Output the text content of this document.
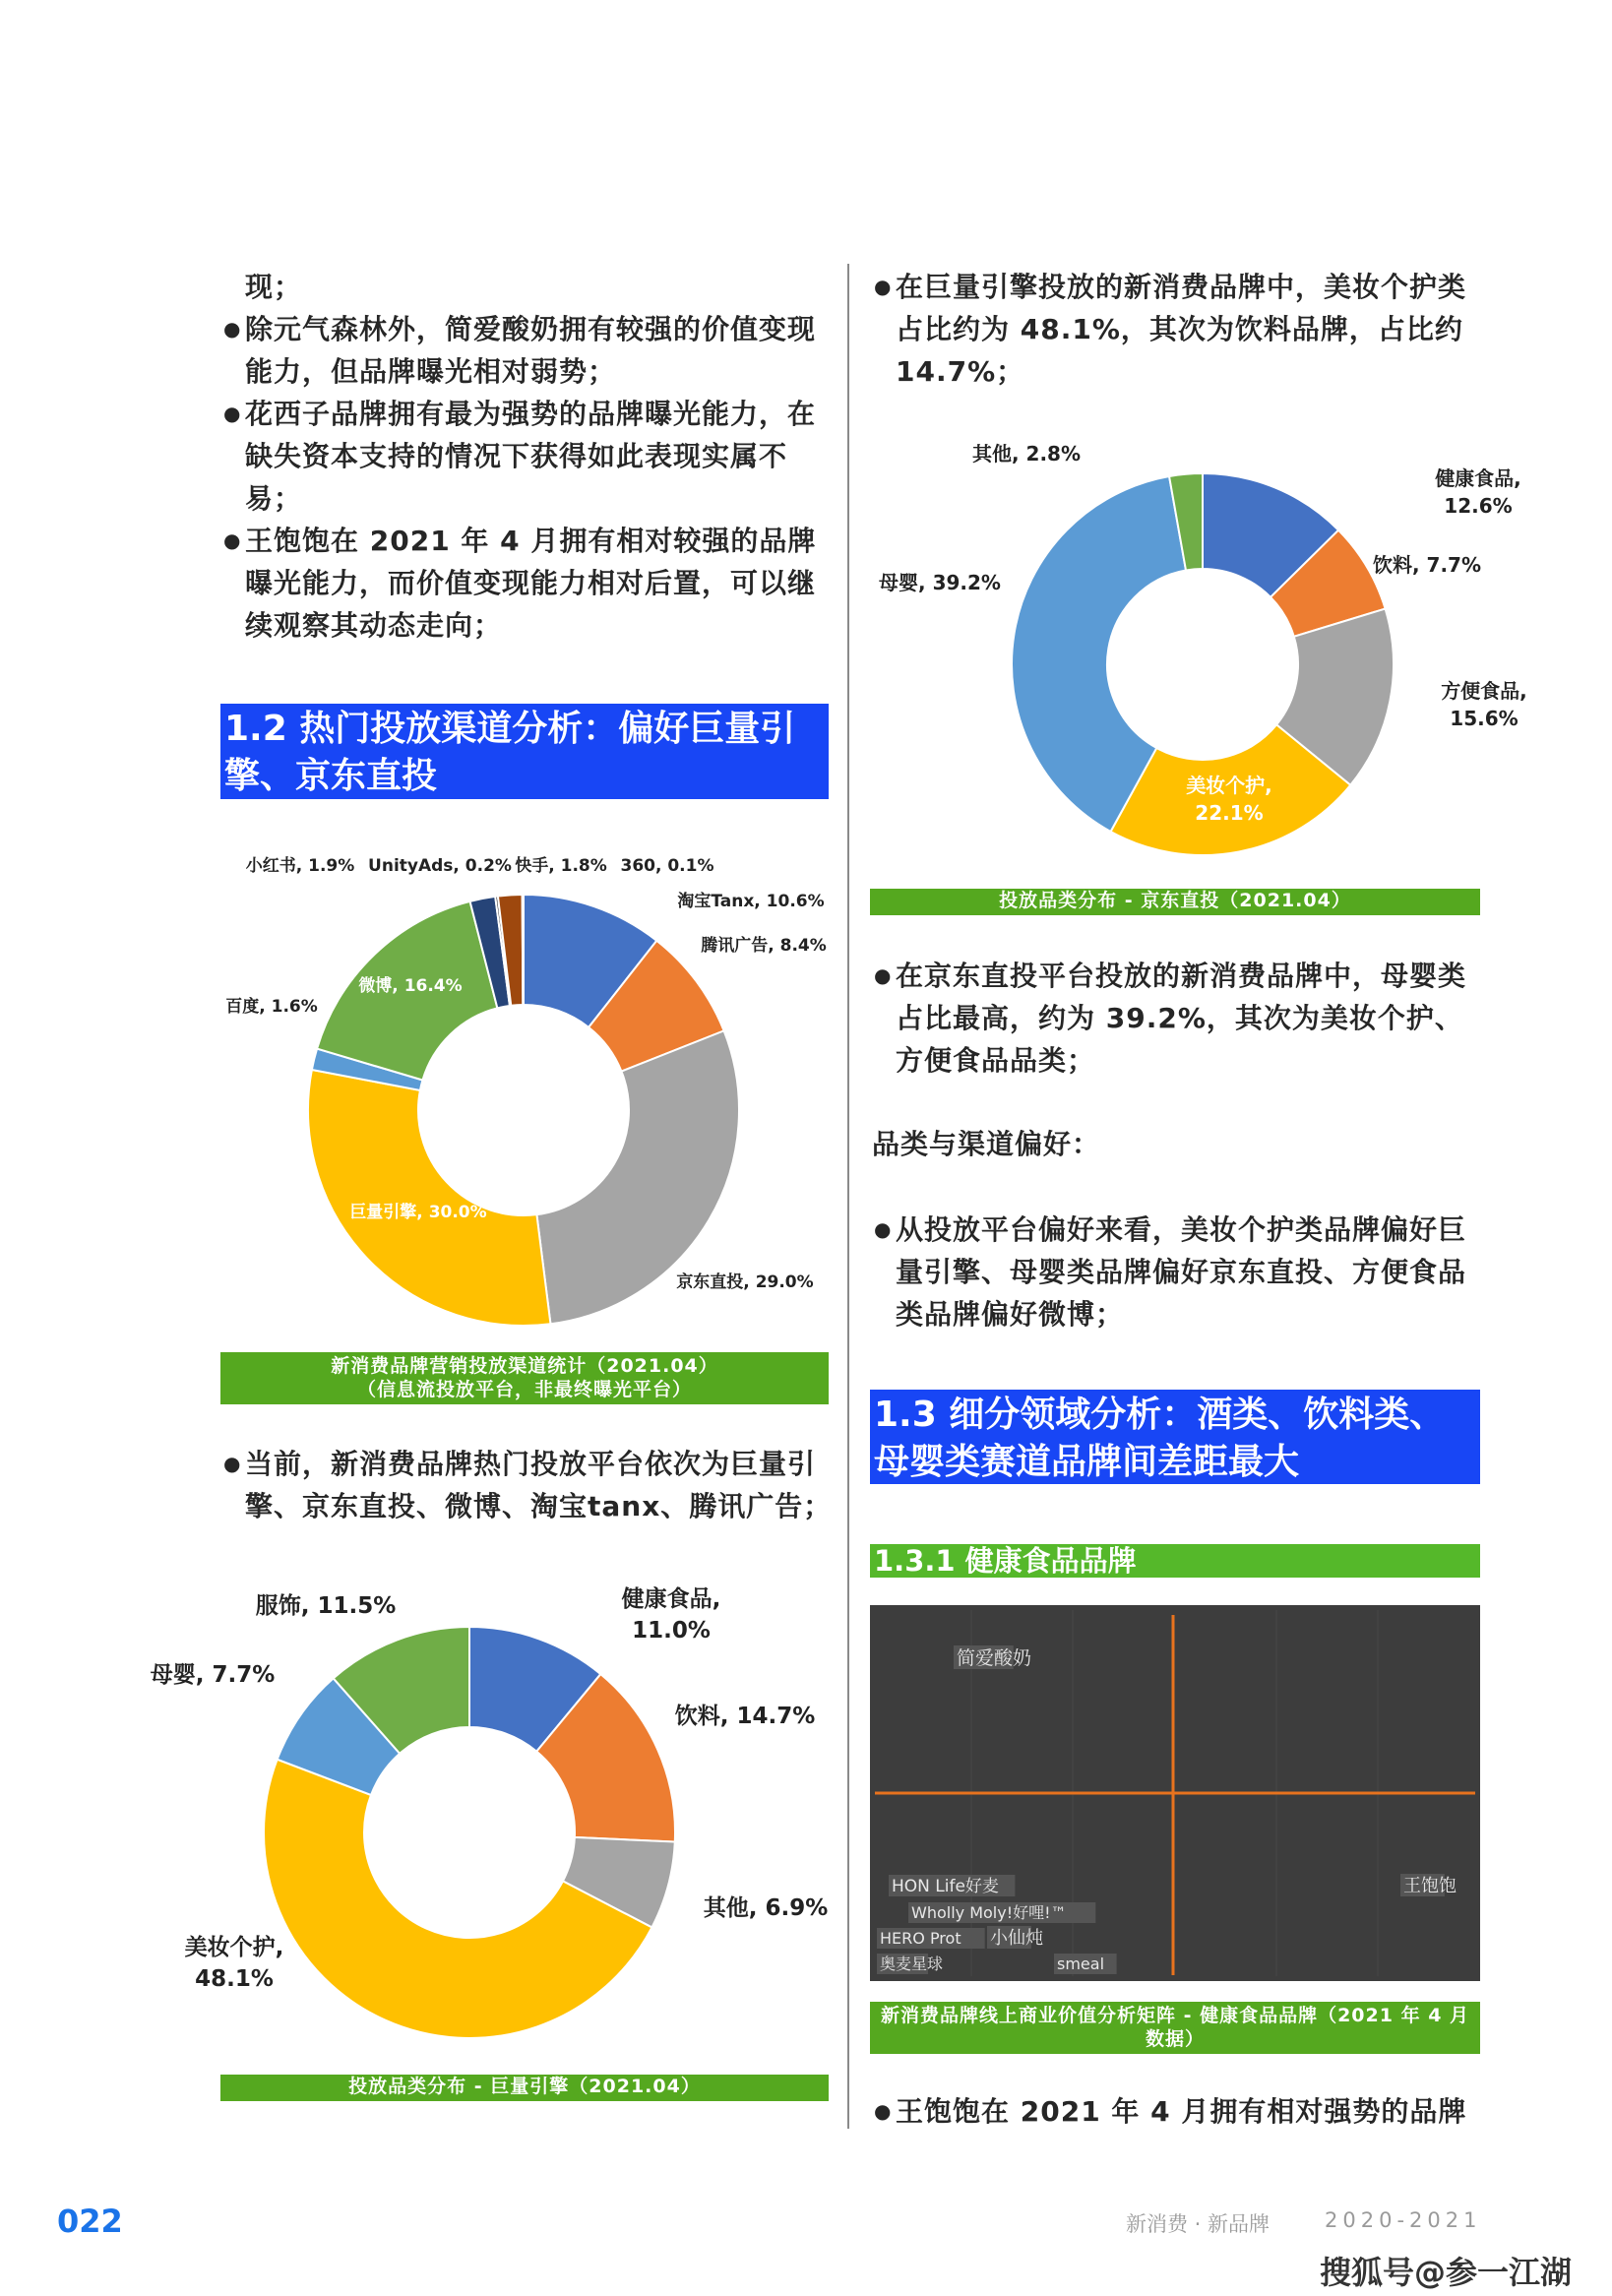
现；
● 除元气森林外，简爱酸奶拥有较强的价值变现能力，但品牌曝光相对弱势；
● 花西子品牌拥有最为强势的品牌曝光能力，在缺失资本支持的情况下获得如此表现实属不易；
● 王饱饱在 2021 年 4 月拥有相对较强的品牌曝光能力，而价值变现能力相对后置，可以继续观察其动态走向；
1.2 热门投放渠道分析：偏好巨量引擎、京东直投
淘宝Tanx, 10.6%
腾讯广告, 8.4%
京东直投, 29.0%
巨量引擎, 30.0%
百度, 1.6%
微博, 16.4%
小红书, 1.9% UnityAds, 0.2% 快手, 1.8% 360, 0.1%
新消费品牌营销投放渠道统计（2021.04）
（信息流投放平台，非最终曝光平台）
● 当前，新消费品牌热门投放平台依次为巨量引擎、京东直投、微博、淘宝tanx、腾讯广告；
健康食品, 11.0%
饮料, 14.7%
其他, 6.9%
美妆个护, 48.1%
母婴, 7.7%
服饰, 11.5%
投放品类分布 - 巨量引擎（2021.04）
● 在巨量引擎投放的新消费品牌中，美妆个护类占比约为 48.1%，其次为饮料品牌，占比约 14.7%；
健康食品, 12.6%
饮料, 7.7%
方便食品, 15.6%
美妆个护, 22.1%
母婴, 39.2%
其他, 2.8%
投放品类分布 - 京东直投（2021.04）
● 在京东直投平台投放的新消费品牌中，母婴类占比最高，约为 39.2%，其次为美妆个护、方便食品品类；
品类与渠道偏好：
● 从投放平台偏好来看，美妆个护类品牌偏好巨量引擎、母婴类品牌偏好京东直投、方便食品类品牌偏好微博；
1.3 细分领域分析：酒类、饮料类、母婴类赛道品牌间差距最大
1.3.1 健康食品品牌
简爱酸奶
王饱饱
HON Life好麦
Wholly Moly!好哩!™
HERO Prot 小仙炖
smeal
奥麦星球
新消费品牌线上商业价值分析矩阵 - 健康食品品牌（2021 年 4 月数据）
● 王饱饱在 2021 年 4 月拥有相对强势的品牌
022	新消费 · 新品牌	2020-2021
搜狐号@参一江湖
